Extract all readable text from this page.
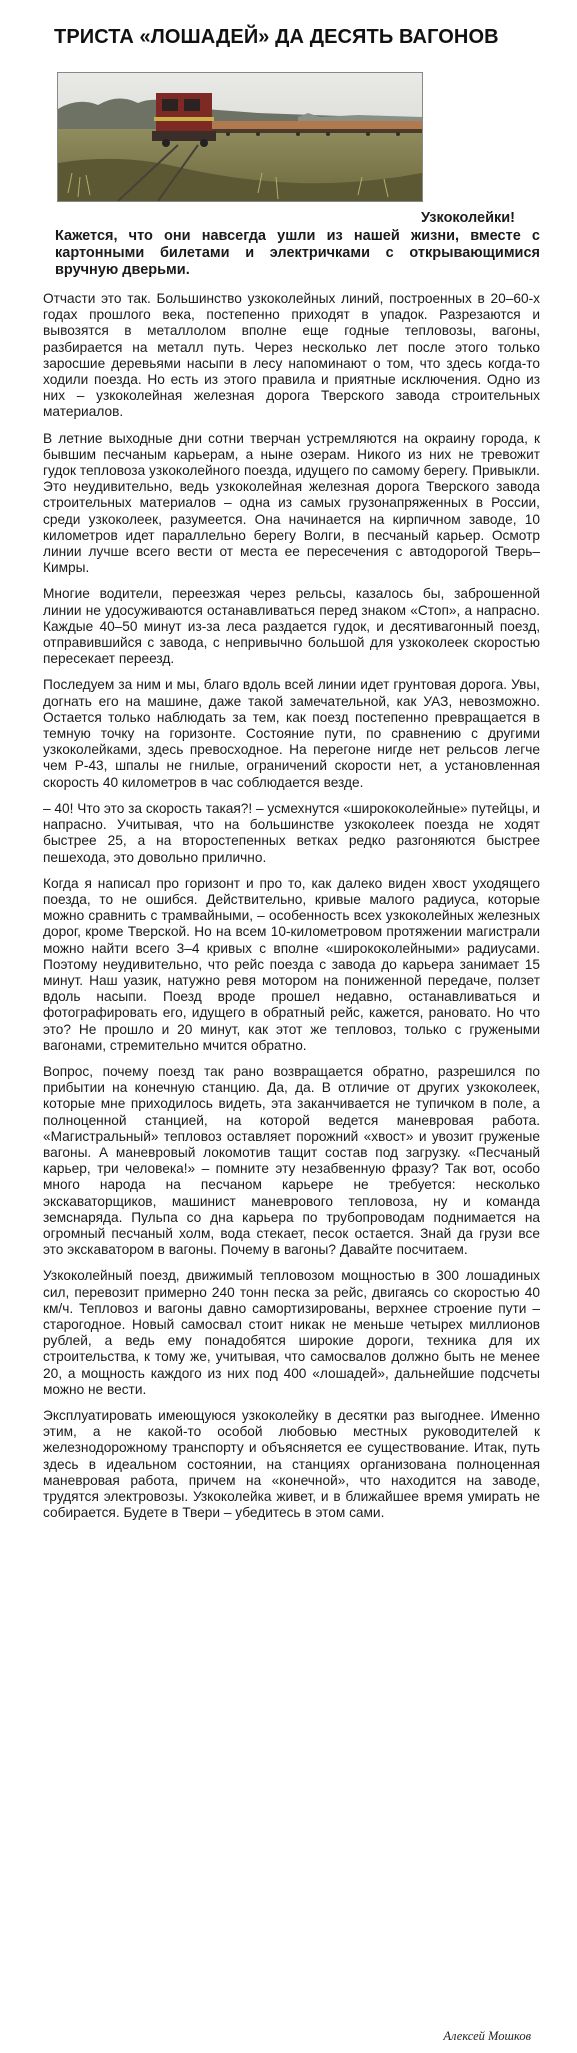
ТРИСТА «ЛОШАДЕЙ» ДА ДЕСЯТЬ ВАГОНОВ
Узкоколейки!

Кажется, что они навсегда ушли из нашей жизни, вместе с картонными билетами и электричками с открывающимися вручную дверьми.

Отчасти это так. Большинство узкоколейных линий, построенных в 20–60-х годах прошлого века, постепенно приходят в упадок. Разрезаются и вывозятся в металлолом вполне еще годные тепловозы, вагоны, разбирается на металл путь. Через несколько лет после этого только заросшие деревьями насыпи в лесу напоминают о том, что здесь когда-то ходили поезда. Но есть из этого правила и приятные исключения. Одно из них – узкоколейная железная дорога Тверского завода строительных материалов.

В летние выходные дни сотни тверчан устремляются на окраину города, к бывшим песчаным карьерам, а ныне озерам. Никого из них не тревожит гудок тепловоза узкоколейного поезда, идущего по самому берегу. Привыкли. Это неудивительно, ведь узкоколейная железная дорога Тверского завода строительных материалов – одна из самых грузонапряженных в России, среди узкоколеек, разумеется. Она начинается на кирпичном заводе, 10 километров идет параллельно берегу Волги, в песчаный карьер. Осмотр линии лучше всего вести от места ее пересечения с автодорогой Тверь–Кимры.

Многие водители, переезжая через рельсы, казалось бы, заброшенной линии не удосуживаются останавливаться перед знаком «Стоп», а напрасно. Каждые 40–50 минут из-за леса раздается гудок, и десятивагонный поезд, отправившийся с завода, с непривычно большой для узкоколеек скоростью пересекает переезд.

Последуем за ним и мы, благо вдоль всей линии идет грунтовая дорога. Увы, догнать его на машине, даже такой замечательной, как УАЗ, невозможно. Остается только наблюдать за тем, как поезд постепенно превращается в темную точку на горизонте. Состояние пути, по сравнению с другими узкоколейками, здесь превосходное. На перегоне нигде нет рельсов легче чем Р-43, шпалы не гнилые, ограничений скорости нет, а установленная скорость 40 километров в час соблюдается везде.

– 40! Что это за скорость такая?! – усмехнутся «ширококолейные» путейцы, и напрасно. Учитывая, что на большинстве узкоколеек поезда не ходят быстрее 25, а на второстепенных ветках редко разгоняются быстрее пешехода, это довольно прилично.

Когда я написал про горизонт и про то, как далеко виден хвост уходящего поезда, то не ошибся. Действительно, кривые малого радиуса, которые можно сравнить с трамвайными, – особенность всех узкоколейных железных дорог, кроме Тверской. Но на всем 10-километровом протяжении магистрали можно найти всего 3–4 кривых с вполне «ширококолейными» радиусами. Поэтому неудивительно, что рейс поезда с завода до карьера занимает 15 минут. Наш уазик, натужно ревя мотором на пониженной передаче, ползет вдоль насыпи. Поезд вроде прошел недавно, останавливаться и фотографировать его, идущего в обратный рейс, кажется, рановато. Но что это? Не прошло и 20 минут, как этот же тепловоз, только с гружеными вагонами, стремительно мчится обратно.

Вопрос, почему поезд так рано возвращается обратно, разрешился по прибытии на конечную станцию. Да, да. В отличие от других узкоколеек, которые мне приходилось видеть, эта заканчивается не тупичком в поле, а полноценной станцией, на которой ведется маневровая работа. «Магистральный» тепловоз оставляет порожний «хвост» и увозит груженые вагоны. А маневровый локомотив тащит состав под загрузку. «Песчаный карьер, три человека!» – помните эту незабвенную фразу? Так вот, особо много народа на песчаном карьере не требуется: несколько экскаваторщиков, машинист маневрового тепловоза, ну и команда земснаряда. Пульпа со дна карьера по трубопроводам поднимается на огромный песчаный холм, вода стекает, песок остается. Знай да грузи все это экскаватором в вагоны. Почему в вагоны? Давайте посчитаем.

Узкоколейный поезд, движимый тепловозом мощностью в 300 лошадиных сил, перевозит примерно 240 тонн песка за рейс, двигаясь со скоростью 40 км/ч. Тепловоз и вагоны давно самортизированы, верхнее строение пути – старогодное. Новый самосвал стоит никак не меньше четырех миллионов рублей, а ведь ему понадобятся широкие дороги, техника для их строительства, к тому же, учитывая, что самосвалов должно быть не менее 20, а мощность каждого из них под 400 «лошадей», дальнейшие подсчеты можно не вести.

Эксплуатировать имеющуюся узкоколейку в десятки раз выгоднее. Именно этим, а не какой-то особой любовью местных руководителей к железнодорожному транспорту и объясняется ее существование. Итак, путь здесь в идеальном состоянии, на станциях организована полноценная маневровая работа, причем на «конечной», что находится на заводе, трудятся электровозы. Узкоколейка живет, и в ближайшее время умирать не собирается. Будете в Твери – убедитесь в этом сами.

Алексей Мошков
